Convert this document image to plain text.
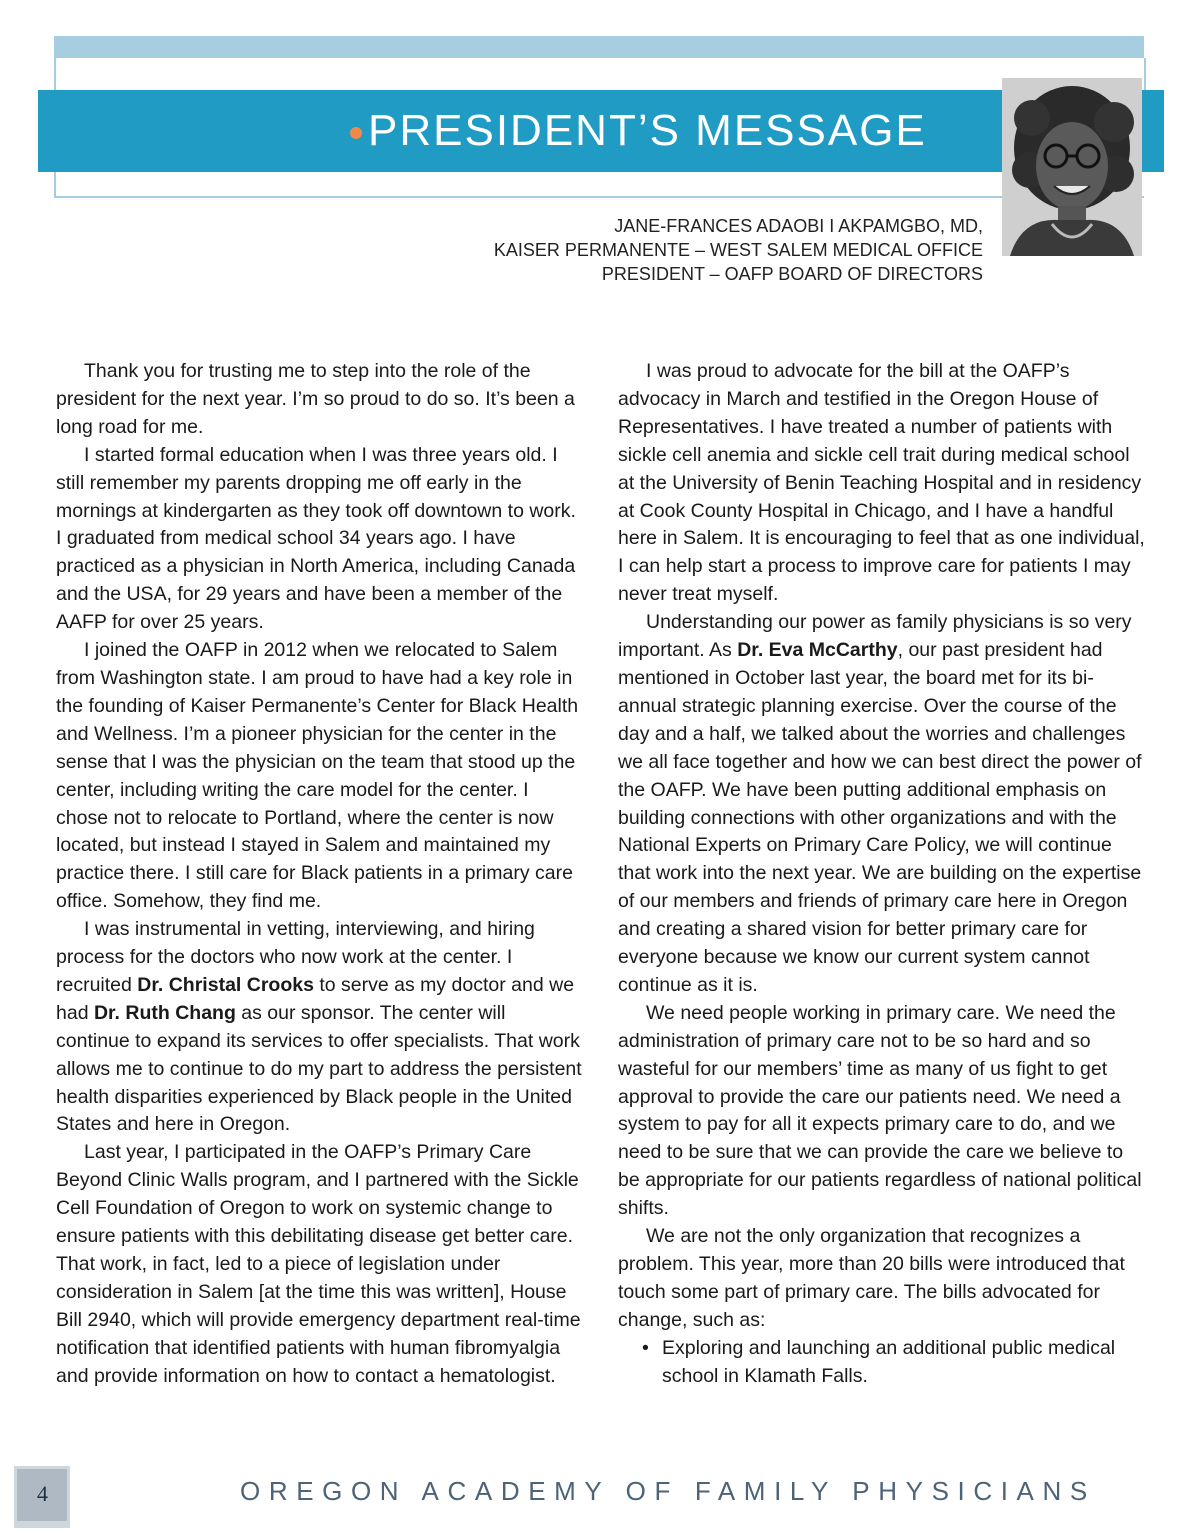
PRESIDENT’S MESSAGE
JANE-FRANCES ADAOBI I AKPAMGBO, MD,
KAISER PERMANENTE – WEST SALEM MEDICAL OFFICE
PRESIDENT – OAFP BOARD OF DIRECTORS

Thank you for trusting me to step into the role of the president for the next year. I’m so proud to do so. It’s been a long road for me.

I started formal education when I was three years old. I still remember my parents dropping me off early in the mornings at kindergarten as they took off downtown to work. I graduated from medical school 34 years ago. I have practiced as a physician in North America, including Canada and the USA, for 29 years and have been a member of the AAFP for over 25 years.

I joined the OAFP in 2012 when we relocated to Salem from Washington state. I am proud to have had a key role in the founding of Kaiser Permanente’s Center for Black Health and Wellness. I’m a pioneer physician for the center in the sense that I was the physician on the team that stood up the center, including writing the care model for the center. I chose not to relocate to Portland, where the center is now located, but instead I stayed in Salem and maintained my practice there. I still care for Black patients in a primary care office. Somehow, they find me.

I was instrumental in vetting, interviewing, and hiring process for the doctors who now work at the center. I recruited Dr. Christal Crooks to serve as my doctor and we had Dr. Ruth Chang as our sponsor. The center will continue to expand its services to offer specialists. That work allows me to continue to do my part to address the persistent health disparities experienced by Black people in the United States and here in Oregon.

Last year, I participated in the OAFP’s Primary Care Beyond Clinic Walls program, and I partnered with the Sickle Cell Foundation of Oregon to work on systemic change to ensure patients with this debilitating disease get better care. That work, in fact, led to a piece of legislation under consideration in Salem [at the time this was written], House Bill 2940, which will provide emergency department real-time notification that identified patients with human fibromyalgia and provide information on how to contact a hematologist.

I was proud to advocate for the bill at the OAFP’s advocacy in March and testified in the Oregon House of Representatives. I have treated a number of patients with sickle cell anemia and sickle cell trait during medical school at the University of Benin Teaching Hospital and in residency at Cook County Hospital in Chicago, and I have a handful here in Salem. It is encouraging to feel that as one individual, I can help start a process to improve care for patients I may never treat myself.

Understanding our power as family physicians is so very important. As Dr. Eva McCarthy, our past president had mentioned in October last year, the board met for its bi-annual strategic planning exercise. Over the course of the day and a half, we talked about the worries and challenges we all face together and how we can best direct the power of the OAFP. We have been putting additional emphasis on building connections with other organizations and with the National Experts on Primary Care Policy, we will continue that work into the next year. We are building on the expertise of our members and friends of primary care here in Oregon and creating a shared vision for better primary care for everyone because we know our current system cannot continue as it is.

We need people working in primary care. We need the administration of primary care not to be so hard and so wasteful for our members’ time as many of us fight to get approval to provide the care our patients need. We need a system to pay for all it expects primary care to do, and we need to be sure that we can provide the care we believe to be appropriate for our patients regardless of national political shifts.

We are not the only organization that recognizes a problem. This year, more than 20 bills were introduced that touch some part of primary care. The bills advocated for change, such as:

• Exploring and launching an additional public medical school in Klamath Falls.
4	OREGON ACADEMY OF FAMILY PHYSICIANS
